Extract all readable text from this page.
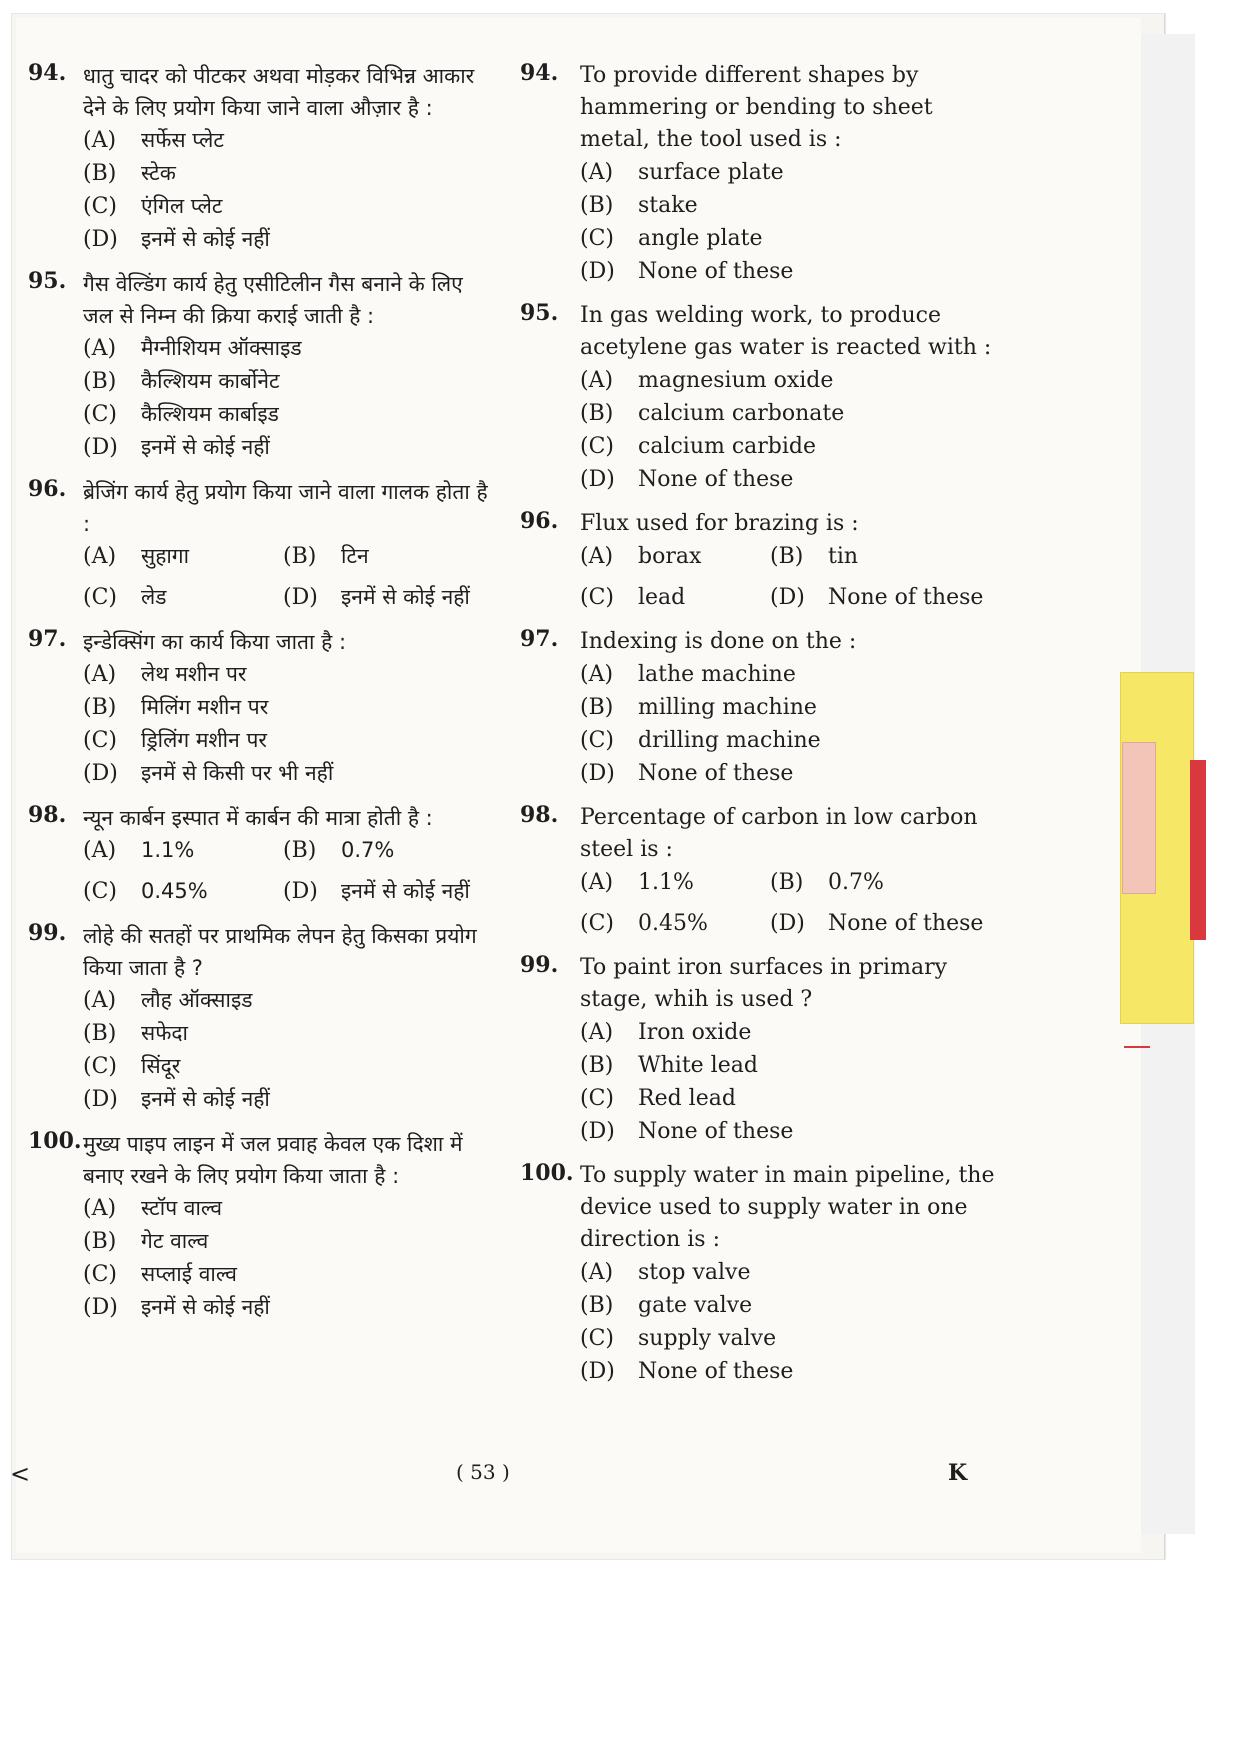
94. धातु चादर को पीटकर अथवा मोड़कर विभिन्न आकार देने के लिए प्रयोग किया जाने वाला औज़ार है :
(A)	सर्फेस प्लेट
(B)	स्टेक
(C)	एंगिल प्लेट
(D)	इनमें से कोई नहीं
95. गैस वेल्डिंग कार्य हेतु एसीटिलीन गैस बनाने के लिए जल से निम्न की क्रिया कराई जाती है :
(A)	मैग्नीशियम ऑक्साइड
(B)	कैल्शियम कार्बोनेट
(C)	कैल्शियम कार्बाइड
(D)	इनमें से कोई नहीं
96. ब्रेजिंग कार्य हेतु प्रयोग किया जाने वाला गालक होता है :
(A)	सुहागा	(B)	टिन
(C)	लेड	(D)	इनमें से कोई नहीं
97. इन्डेक्सिंग का कार्य किया जाता है :
(A)	लेथ मशीन पर
(B)	मिलिंग मशीन पर
(C)	ड्रिलिंग मशीन पर
(D)	इनमें से किसी पर भी नहीं
98. न्यून कार्बन इस्पात में कार्बन की मात्रा होती है :
(A)	1.1%	(B)	0.7%
(C)	0.45%	(D)	इनमें से कोई नहीं
99. लोहे की सतहों पर प्राथमिक लेपन हेतु किसका प्रयोग किया जाता है ?
(A)	लौह ऑक्साइड
(B)	सफेदा
(C)	सिंदूर
(D)	इनमें से कोई नहीं
100. मुख्य पाइप लाइन में जल प्रवाह केवल एक दिशा में बनाए रखने के लिए प्रयोग किया जाता है :
(A)	स्टॉप वाल्व
(B)	गेट वाल्व
(C)	सप्लाई वाल्व
(D)	इनमें से कोई नहीं
94. To provide different shapes by hammering or bending to sheet metal, the tool used is :
(A)	surface plate
(B)	stake
(C)	angle plate
(D)	None of these
95. In gas welding work, to produce acetylene gas water is reacted with :
(A)	magnesium oxide
(B)	calcium carbonate
(C)	calcium carbide
(D)	None of these
96. Flux used for brazing is :
(A)	borax	(B)	tin
(C)	lead	(D)	None of these
97. Indexing is done on the :
(A)	lathe machine
(B)	milling machine
(C)	drilling machine
(D)	None of these
98. Percentage of carbon in low carbon steel is :
(A)	1.1%	(B)	0.7%
(C)	0.45%	(D)	None of these
99. To paint iron surfaces in primary stage, whih is used ?
(A)	Iron oxide
(B)	White lead
(C)	Red lead
(D)	None of these
100. To supply water in main pipeline, the device used to supply water in one direction is :
(A)	stop valve
(B)	gate valve
(C)	supply valve
(D)	None of these
<	( 53 )	K
